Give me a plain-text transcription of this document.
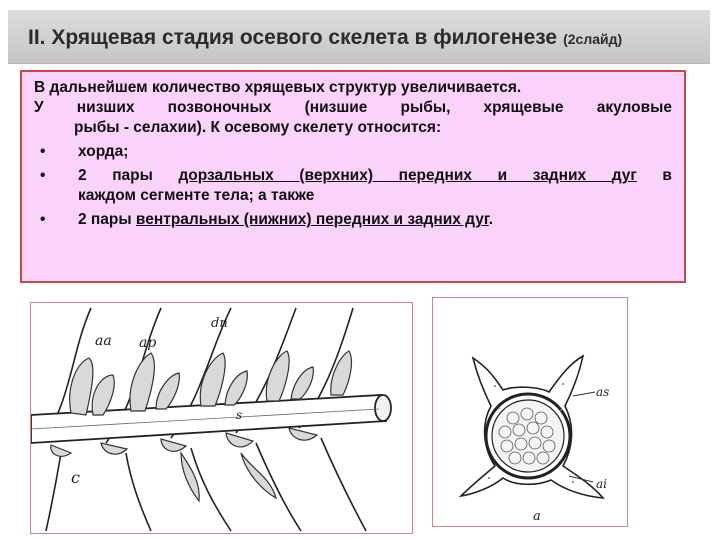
II. Хрящевая стадия осевого скелета в филогенезе (2слайд)

В дальнейшем количество хрящевых структур увеличивается.

У низших позвоночных (низшие рыбы, хрящевые акуловые

рыбы - селахии). К осевому скелету относится:

•	хорда;
•	2 пары дорзальных (верхних) передних и задних дуг в
каждом сегменте тела; а также
•	2 пары вентральных (нижних) передних и задних дуг.
aa ap
dn
s
c
as
ai
a
